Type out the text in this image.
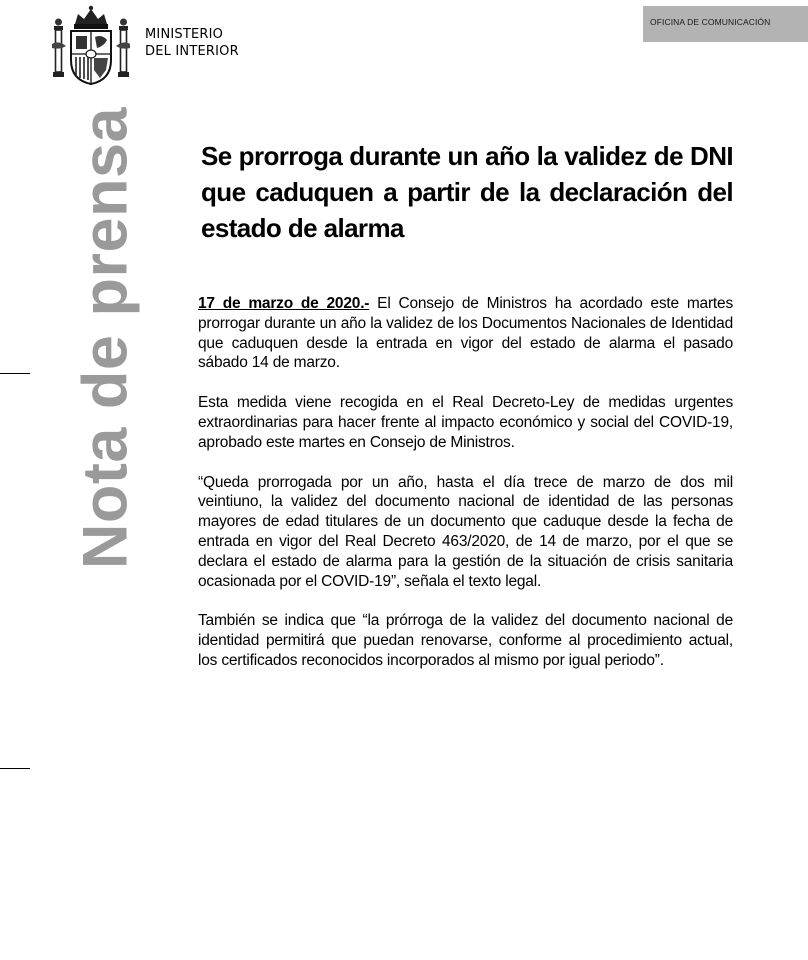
MINISTERIO
DEL INTERIOR
OFICINA DE COMUNICACIÓN
Nota de prensa Se prorroga durante un año la validez de DNI que caduquen a partir de la declaración del estado de alarma

17 de marzo de 2020.- El Consejo de Ministros ha acordado este martes prorrogar durante un año la validez de los Documentos Nacionales de Identidad que caduquen desde la entrada en vigor del estado de alarma el pasado sábado 14 de marzo.

Esta medida viene recogida en el Real Decreto-Ley de medidas urgentes extraordinarias para hacer frente al impacto económico y social del COVID-19, aprobado este martes en Consejo de Ministros.

“Queda prorrogada por un año, hasta el día trece de marzo de dos mil veintiuno, la validez del documento nacional de identidad de las personas mayores de edad titulares de un documento que caduque desde la fecha de entrada en vigor del Real Decreto 463/2020, de 14 de marzo, por el que se declara el estado de alarma para la gestión de la situación de crisis sanitaria ocasionada por el COVID-19”, señala el texto legal.

También se indica que “la prórroga de la validez del documento nacional de identidad permitirá que puedan renovarse, conforme al procedimiento actual, los certificados reconocidos incorporados al mismo por igual periodo”.
